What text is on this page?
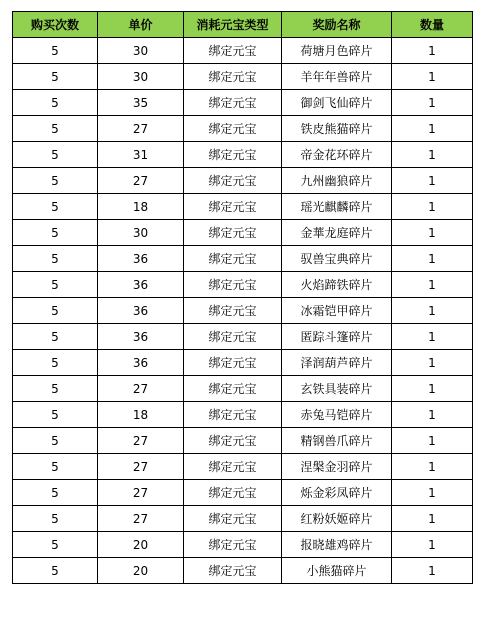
购买次数	单价	消耗元宝类型	奖励名称	数量
5	30	绑定元宝	荷塘月色碎片	1
5	30	绑定元宝	羊年年兽碎片	1
5	35	绑定元宝	御剑飞仙碎片	1
5	27	绑定元宝	铁皮熊猫碎片	1
5	31	绑定元宝	帝金花环碎片	1
5	27	绑定元宝	九州幽狼碎片	1
5	18	绑定元宝	瑶光麒麟碎片	1
5	30	绑定元宝	金華龙庭碎片	1
5	36	绑定元宝	驭兽宝典碎片	1
5	36	绑定元宝	火焰蹄铁碎片	1
5	36	绑定元宝	冰霜铠甲碎片	1
5	36	绑定元宝	匿踪斗篷碎片	1
5	36	绑定元宝	泽润葫芦碎片	1
5	27	绑定元宝	玄铁具装碎片	1
5	18	绑定元宝	赤兔马铠碎片	1
5	27	绑定元宝	精钢兽爪碎片	1
5	27	绑定元宝	涅槃金羽碎片	1
5	27	绑定元宝	烁金彩凤碎片	1
5	27	绑定元宝	红粉妖姬碎片	1
5	20	绑定元宝	报晓雄鸡碎片	1
5	20	绑定元宝	小熊猫碎片	1
